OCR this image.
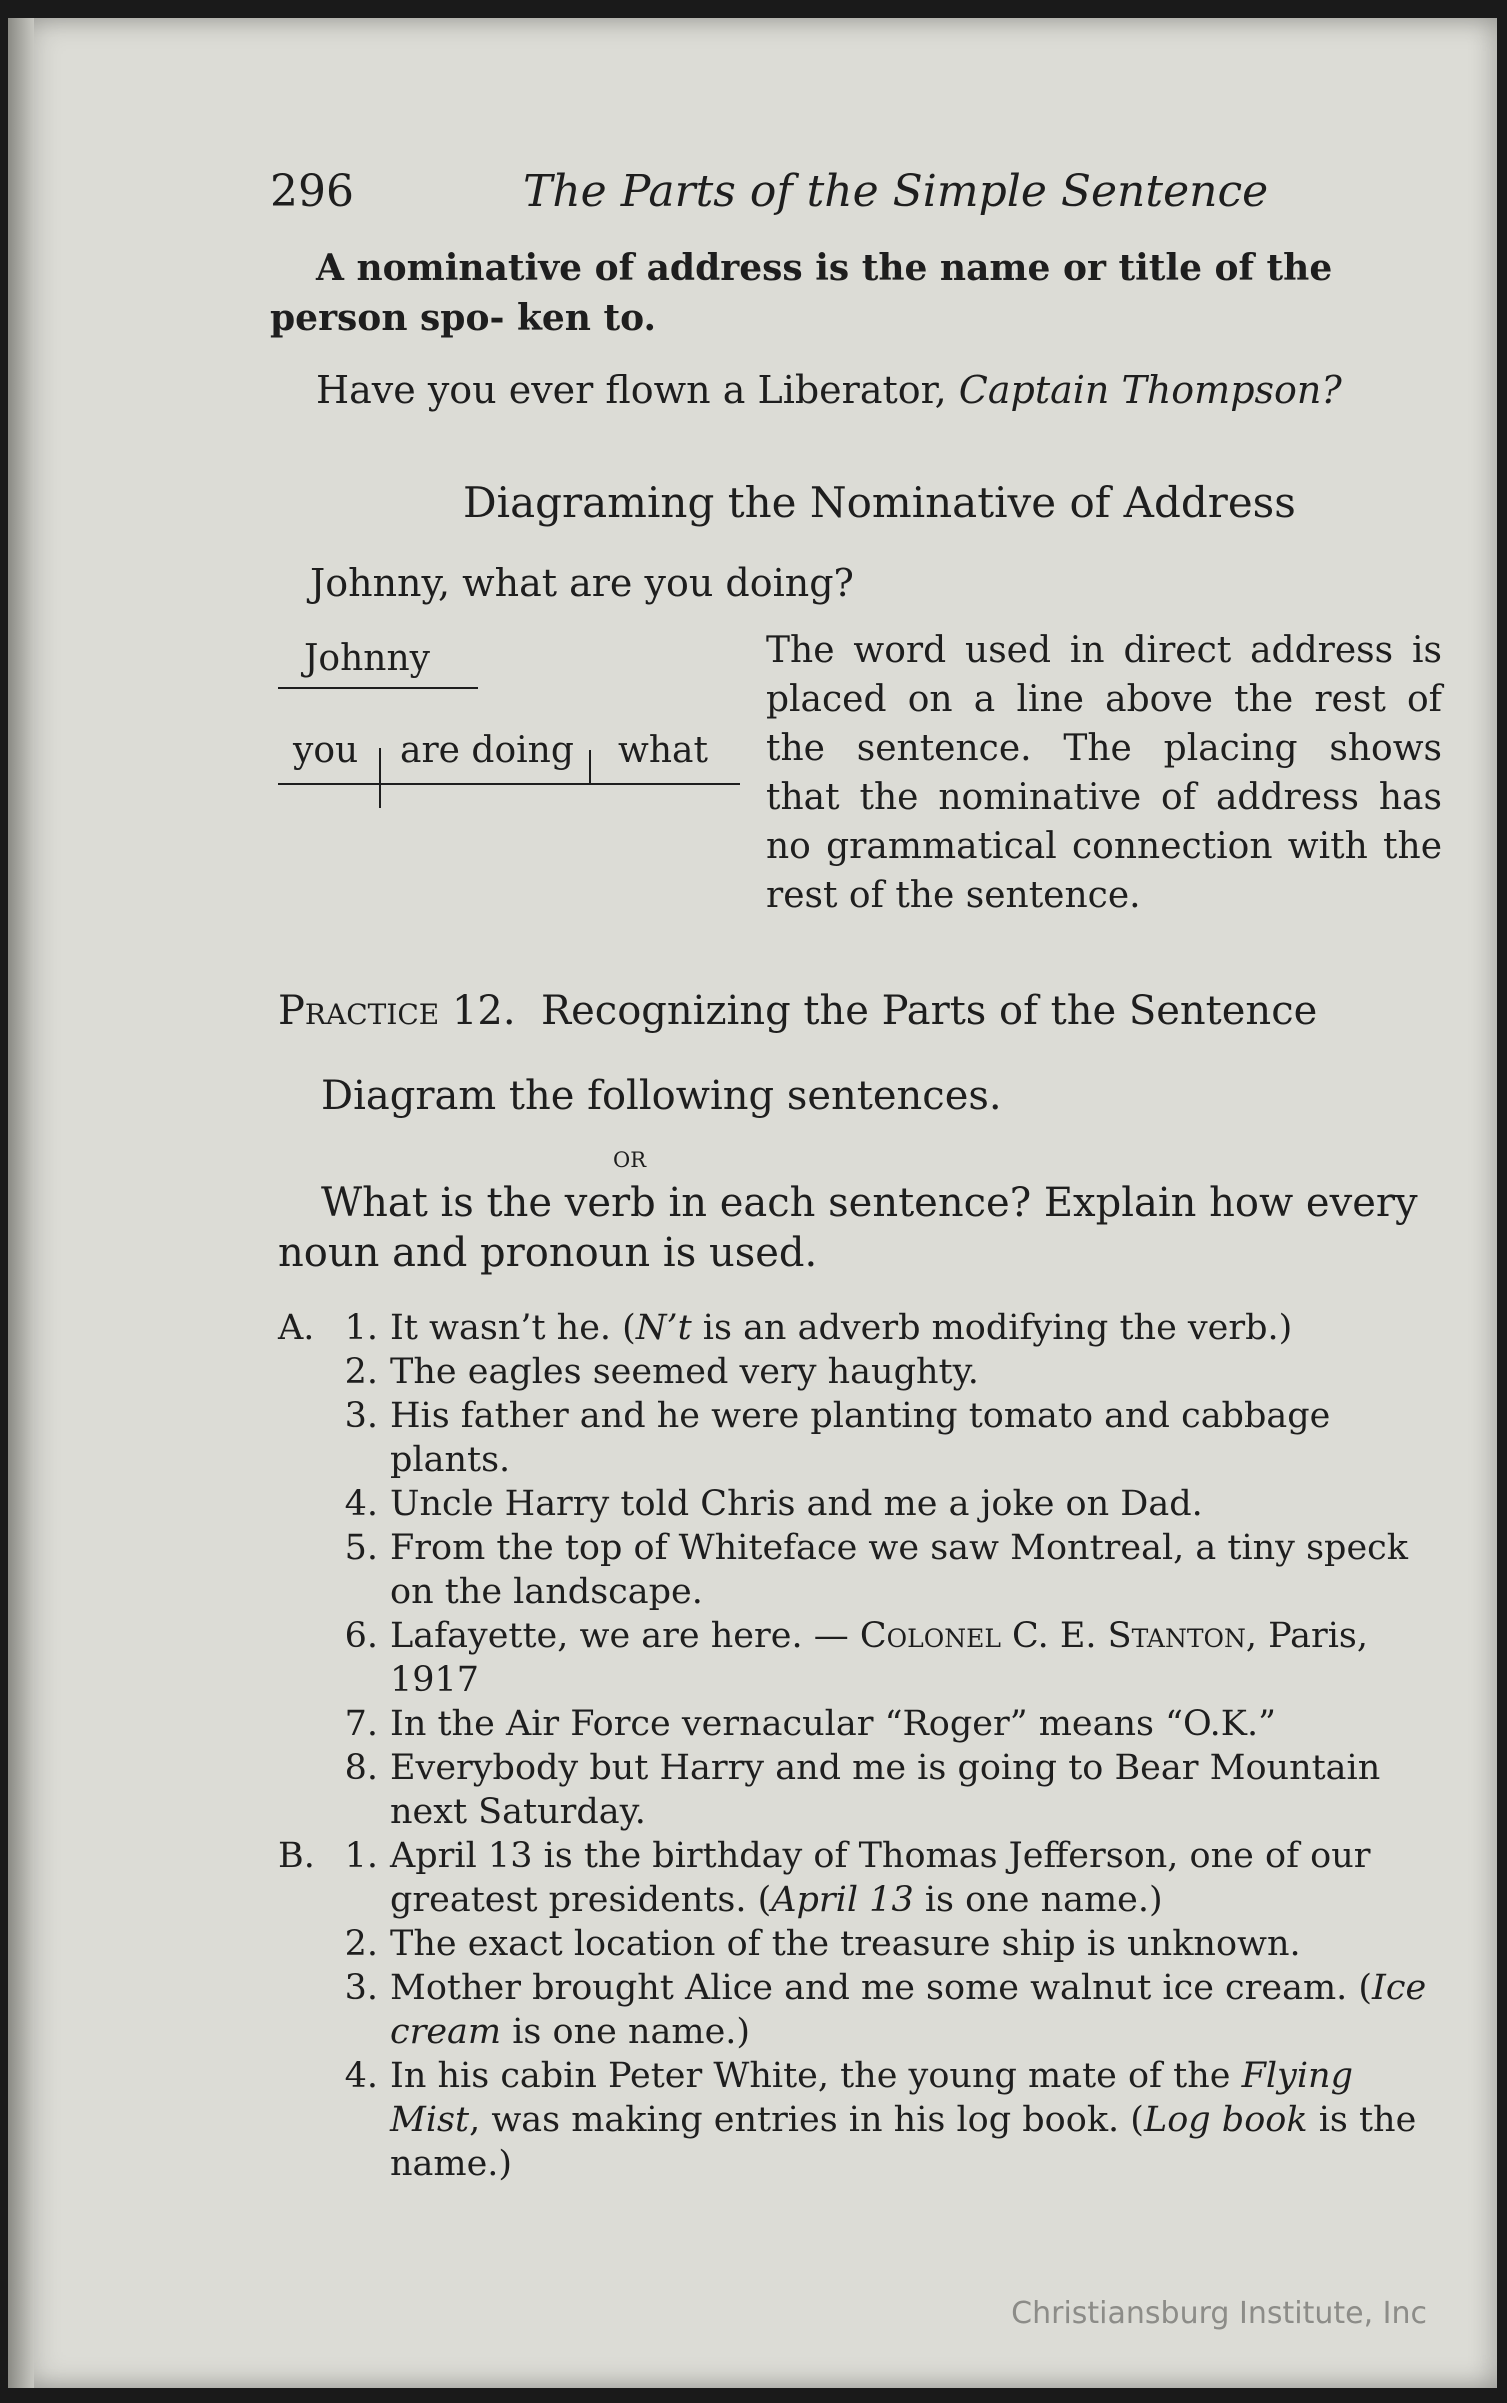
296	The Parts of the Simple Sentence
A nominative of address is the name or title of the person spo- ken to.
Have you ever flown a Liberator, Captain Thompson?
Diagraming the Nominative of Address
Johnny, what are you doing?
Johnny
you are doing what
The word used in direct address is placed on a line above the rest of the sentence. The placing shows that the nominative of address has no grammatical connection with the rest of the sentence.
Practice 12. Recognizing the Parts of the Sentence
Diagram the following sentences.
or
What is the verb in each sentence? Explain how every noun and pronoun is used.
A. 1. It wasn’t he. (N’t is an adverb modifying the verb.)
2. The eagles seemed very haughty.
3. His father and he were planting tomato and cabbage plants.
4. Uncle Harry told Chris and me a joke on Dad.
5. From the top of Whiteface we saw Montreal, a tiny speck on the landscape.
6. Lafayette, we are here. — Colonel C. E. Stanton, Paris, 1917
7. In the Air Force vernacular “Roger” means “O.K.”
8. Everybody but Harry and me is going to Bear Mountain next Saturday.
B. 1. April 13 is the birthday of Thomas Jefferson, one of our greatest presidents. (April 13 is one name.)
2. The exact location of the treasure ship is unknown.
3. Mother brought Alice and me some walnut ice cream. (Ice cream is one name.)
4. In his cabin Peter White, the young mate of the Flying Mist, was making entries in his log book. (Log book is the name.)
Christiansburg Institute, Inc
